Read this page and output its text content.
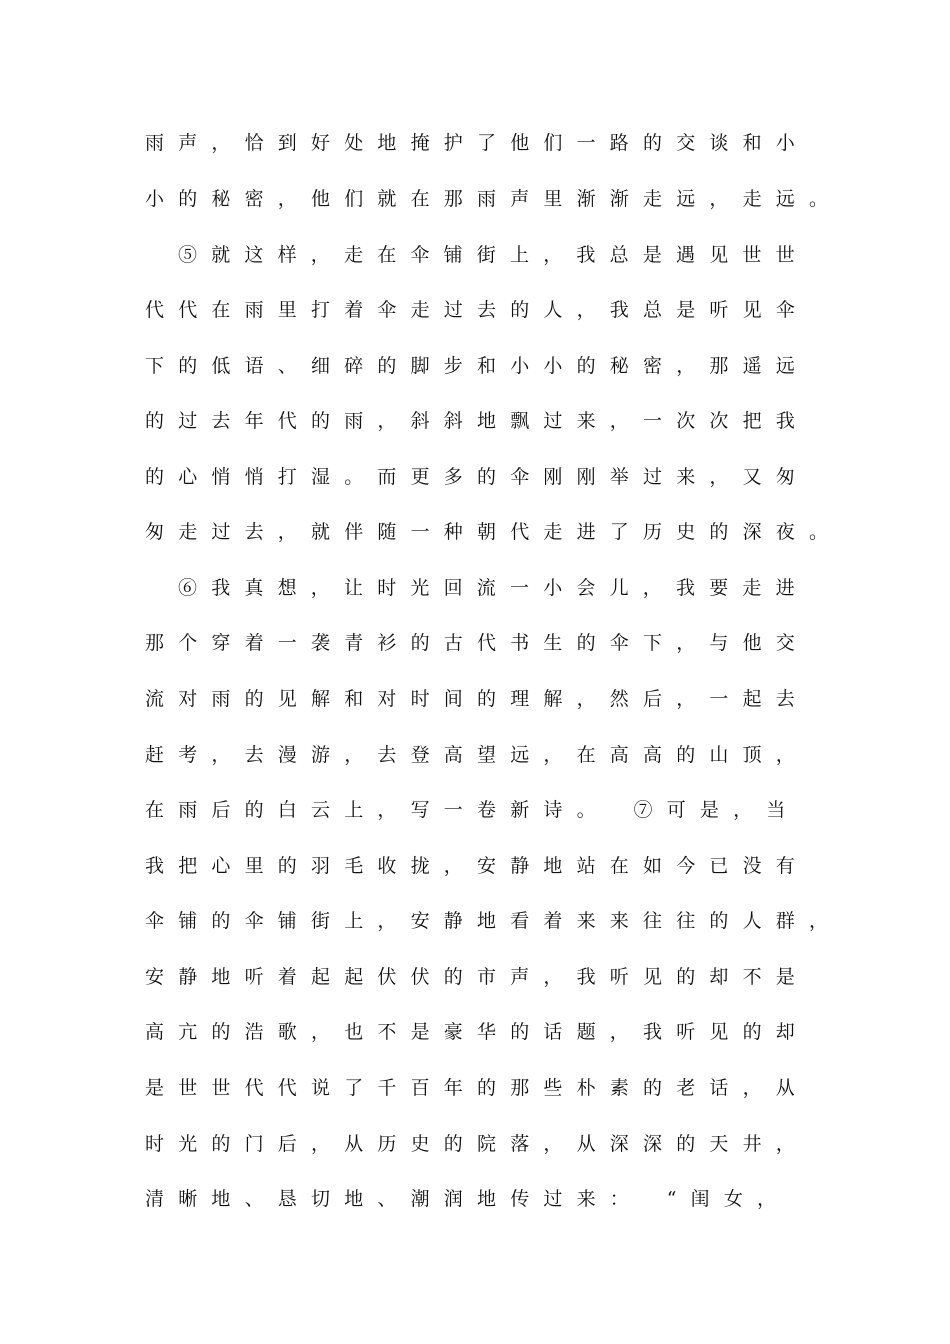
雨声，恰到好处地掩护了他们一路的交谈和小
小的秘密，他们就在那雨声里渐渐走远，走远。
⑤就这样，走在伞铺街上，我总是遇见世世
代代在雨里打着伞走过去的人，我总是听见伞
下的低语、细碎的脚步和小小的秘密，那遥远
的过去年代的雨，斜斜地飘过来，一次次把我
的心悄悄打湿。而更多的伞刚刚举过来，又匆
匆走过去，就伴随一种朝代走进了历史的深夜。
⑥我真想，让时光回流一小会儿，我要走进
那个穿着一袭青衫的古代书生的伞下，与他交
流对雨的见解和对时间的理解，然后，一起去
赶考，去漫游，去登高望远，在高高的山顶，
在雨后的白云上，写一卷新诗。　⑦可是，当
我把心里的羽毛收拢，安静地站在如今已没有
伞铺的伞铺街上，安静地看着来来往往的人群，
安静地听着起起伏伏的市声，我听见的却不是
高亢的浩歌，也不是豪华的话题，我听见的却
是世世代代说了千百年的那些朴素的老话，从
时光的门后，从历史的院落，从深深的天井，
清晰地、恳切地、潮润地传过来：　“闺女，
